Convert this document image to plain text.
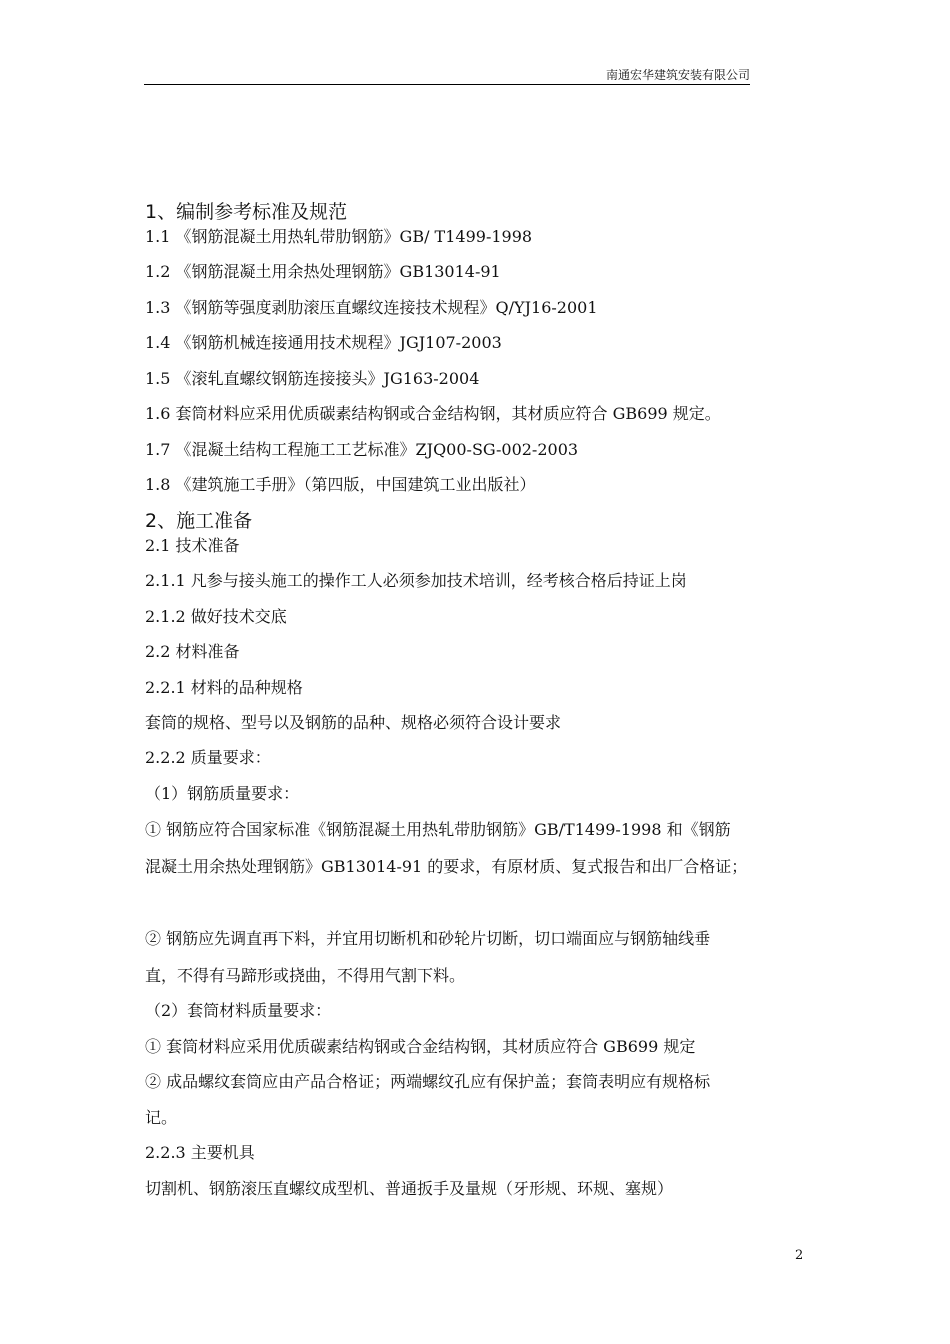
南通宏华建筑安装有限公司
1、编制参考标准及规范
1.1 《钢筋混凝土用热轧带肋钢筋》GB/ T1499-1998
1.2 《钢筋混凝土用余热处理钢筋》GB13014-91
1.3 《钢筋等强度剥肋滚压直螺纹连接技术规程》Q/YJ16-2001
1.4 《钢筋机械连接通用技术规程》JGJ107-2003
1.5 《滚轧直螺纹钢筋连接接头》JG163-2004
1.6 套筒材料应采用优质碳素结构钢或合金结构钢，其材质应符合 GB699 规定。
1.7 《混凝土结构工程施工工艺标准》ZJQ00-SG-002-2003
1.8 《建筑施工手册》（第四版，中国建筑工业出版社）
2、施工准备
2.1 技术准备
2.1.1 凡参与接头施工的操作工人必须参加技术培训，经考核合格后持证上岗
2.1.2 做好技术交底
2.2 材料准备
2.2.1 材料的品种规格
套筒的规格、型号以及钢筋的品种、规格必须符合设计要求
2.2.2 质量要求：
（1）钢筋质量要求：
① 钢筋应符合国家标准《钢筋混凝土用热轧带肋钢筋》GB/T1499-1998 和《钢筋
混凝土用余热处理钢筋》GB13014-91 的要求，有原材质、复式报告和出厂合格证；
② 钢筋应先调直再下料，并宜用切断机和砂轮片切断，切口端面应与钢筋轴线垂
直，不得有马蹄形或挠曲，不得用气割下料。
（2）套筒材料质量要求：
① 套筒材料应采用优质碳素结构钢或合金结构钢，其材质应符合 GB699 规定
② 成品螺纹套筒应由产品合格证；两端螺纹孔应有保护盖；套筒表明应有规格标
记。
2.2.3 主要机具
切割机、钢筋滚压直螺纹成型机、普通扳手及量规（牙形规、环规、塞规）
2
